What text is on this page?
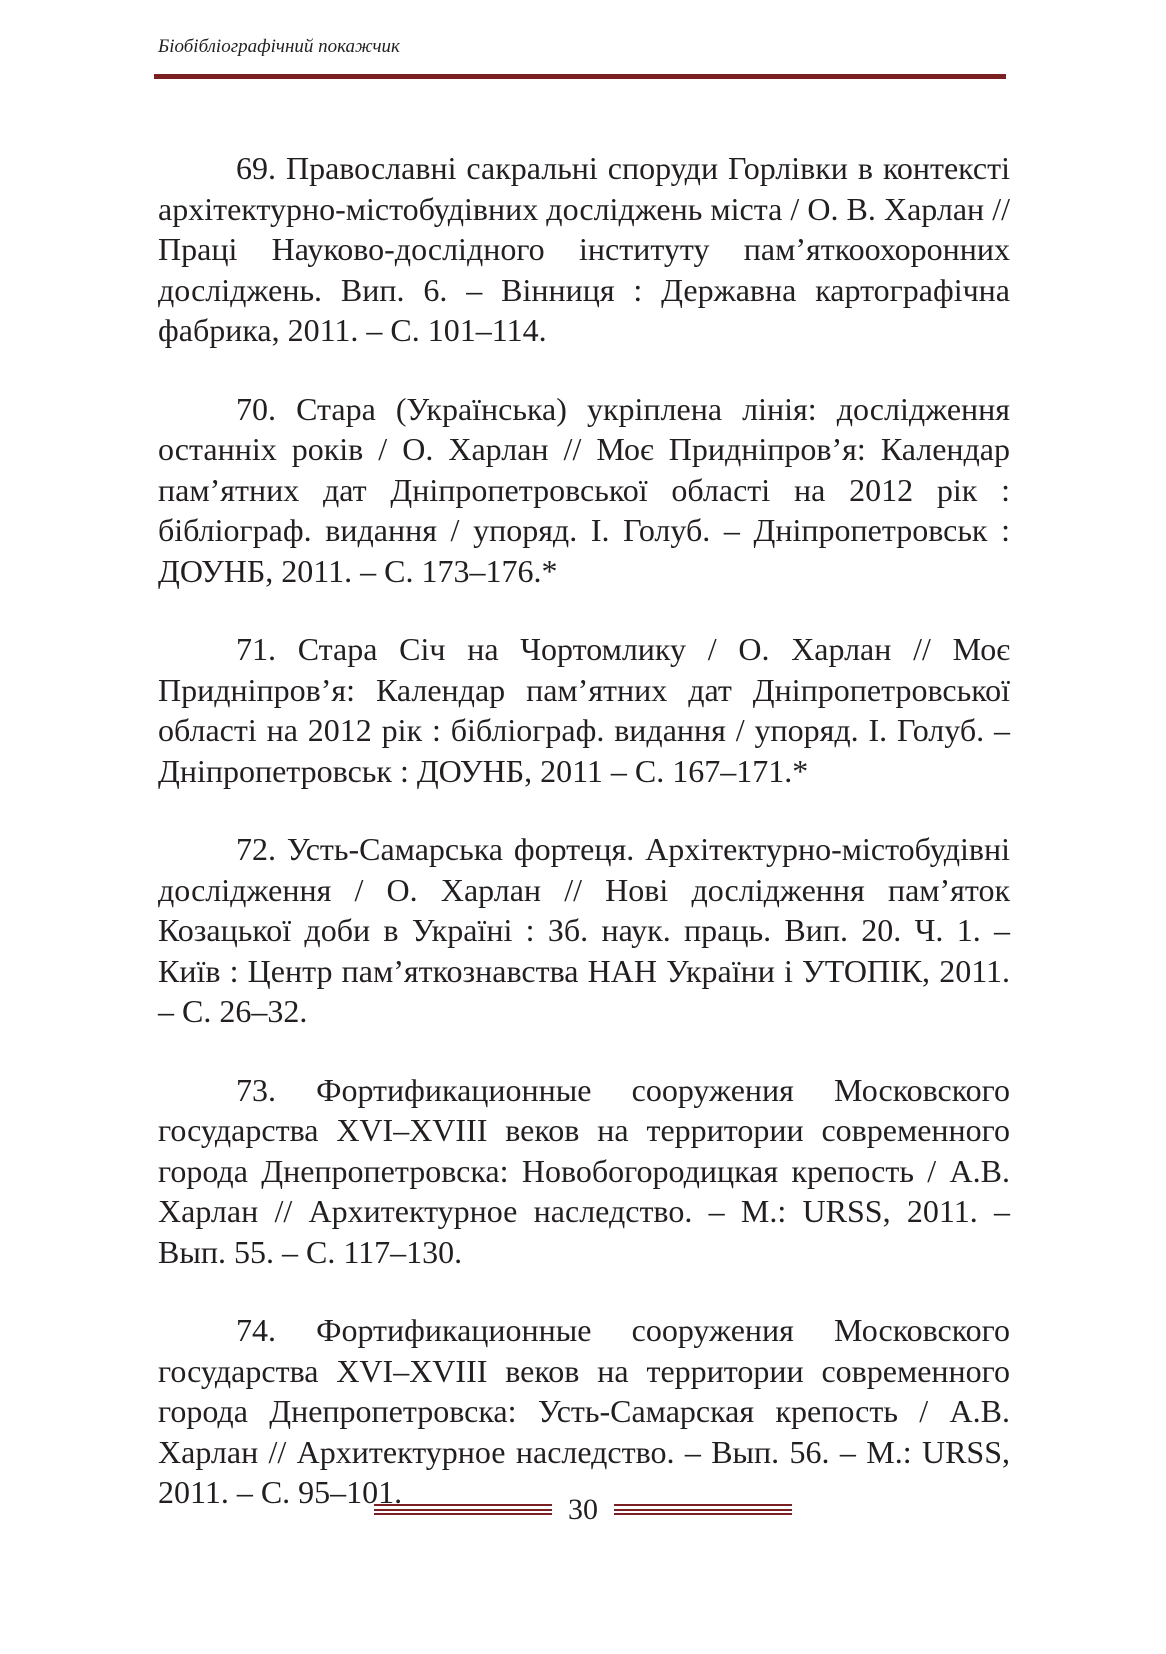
Біобібліографічний покажчик

69. Православні сакральні споруди Горлівки в контексті архітектурно-містобудівних досліджень міста / О. В. Харлан // Праці Науково-дослідного інституту пам’яткоохоронних досліджень. Вип. 6. – Вінниця : Державна картографічна фабрика, 2011. – С. 101–114.

70. Стара (Українська) укріплена лінія: дослідження останніх років / О. Харлан // Моє Придніпров’я: Календар пам’ятних дат Дніпропетровської області на 2012 рік : бібліограф. видання / упоряд. І. Голуб. – Дніпропетровськ : ДОУНБ, 2011. – С. 173–176.*

71. Стара Січ на Чортомлику / О. Харлан // Моє Придніпров’я: Календар пам’ятних дат Дніпропетровської області на 2012 рік : бібліограф. видання / упоряд. І. Голуб. – Дніпропетровськ : ДОУНБ, 2011 – С. 167–171.*

72. Усть-Самарська фортеця. Архітектурно-містобудівні дослідження / О. Харлан // Нові дослідження пам’яток Козацької доби в Україні : Зб. наук. праць. Вип. 20. Ч. 1. – Київ : Центр пам’яткознавства НАН України і УТОПІК, 2011. – С. 26–32.

73. Фортификационные сооружения Московского государства XVI–XVIII веков на территории современного города Днепропетровска: Новобогородицкая крепость / А.В. Харлан // Архитектурное наследство. – М.: URSS, 2011. – Вып. 55. – С. 117–130.

74. Фортификационные сооружения Московского государства XVI–XVIII веков на территории современного города Днепропетровска: Усть-Самарская крепость / А.В. Харлан // Архитектурное наследство. – Вып. 56. – М.: URSS, 2011. – С. 95–101.	30
